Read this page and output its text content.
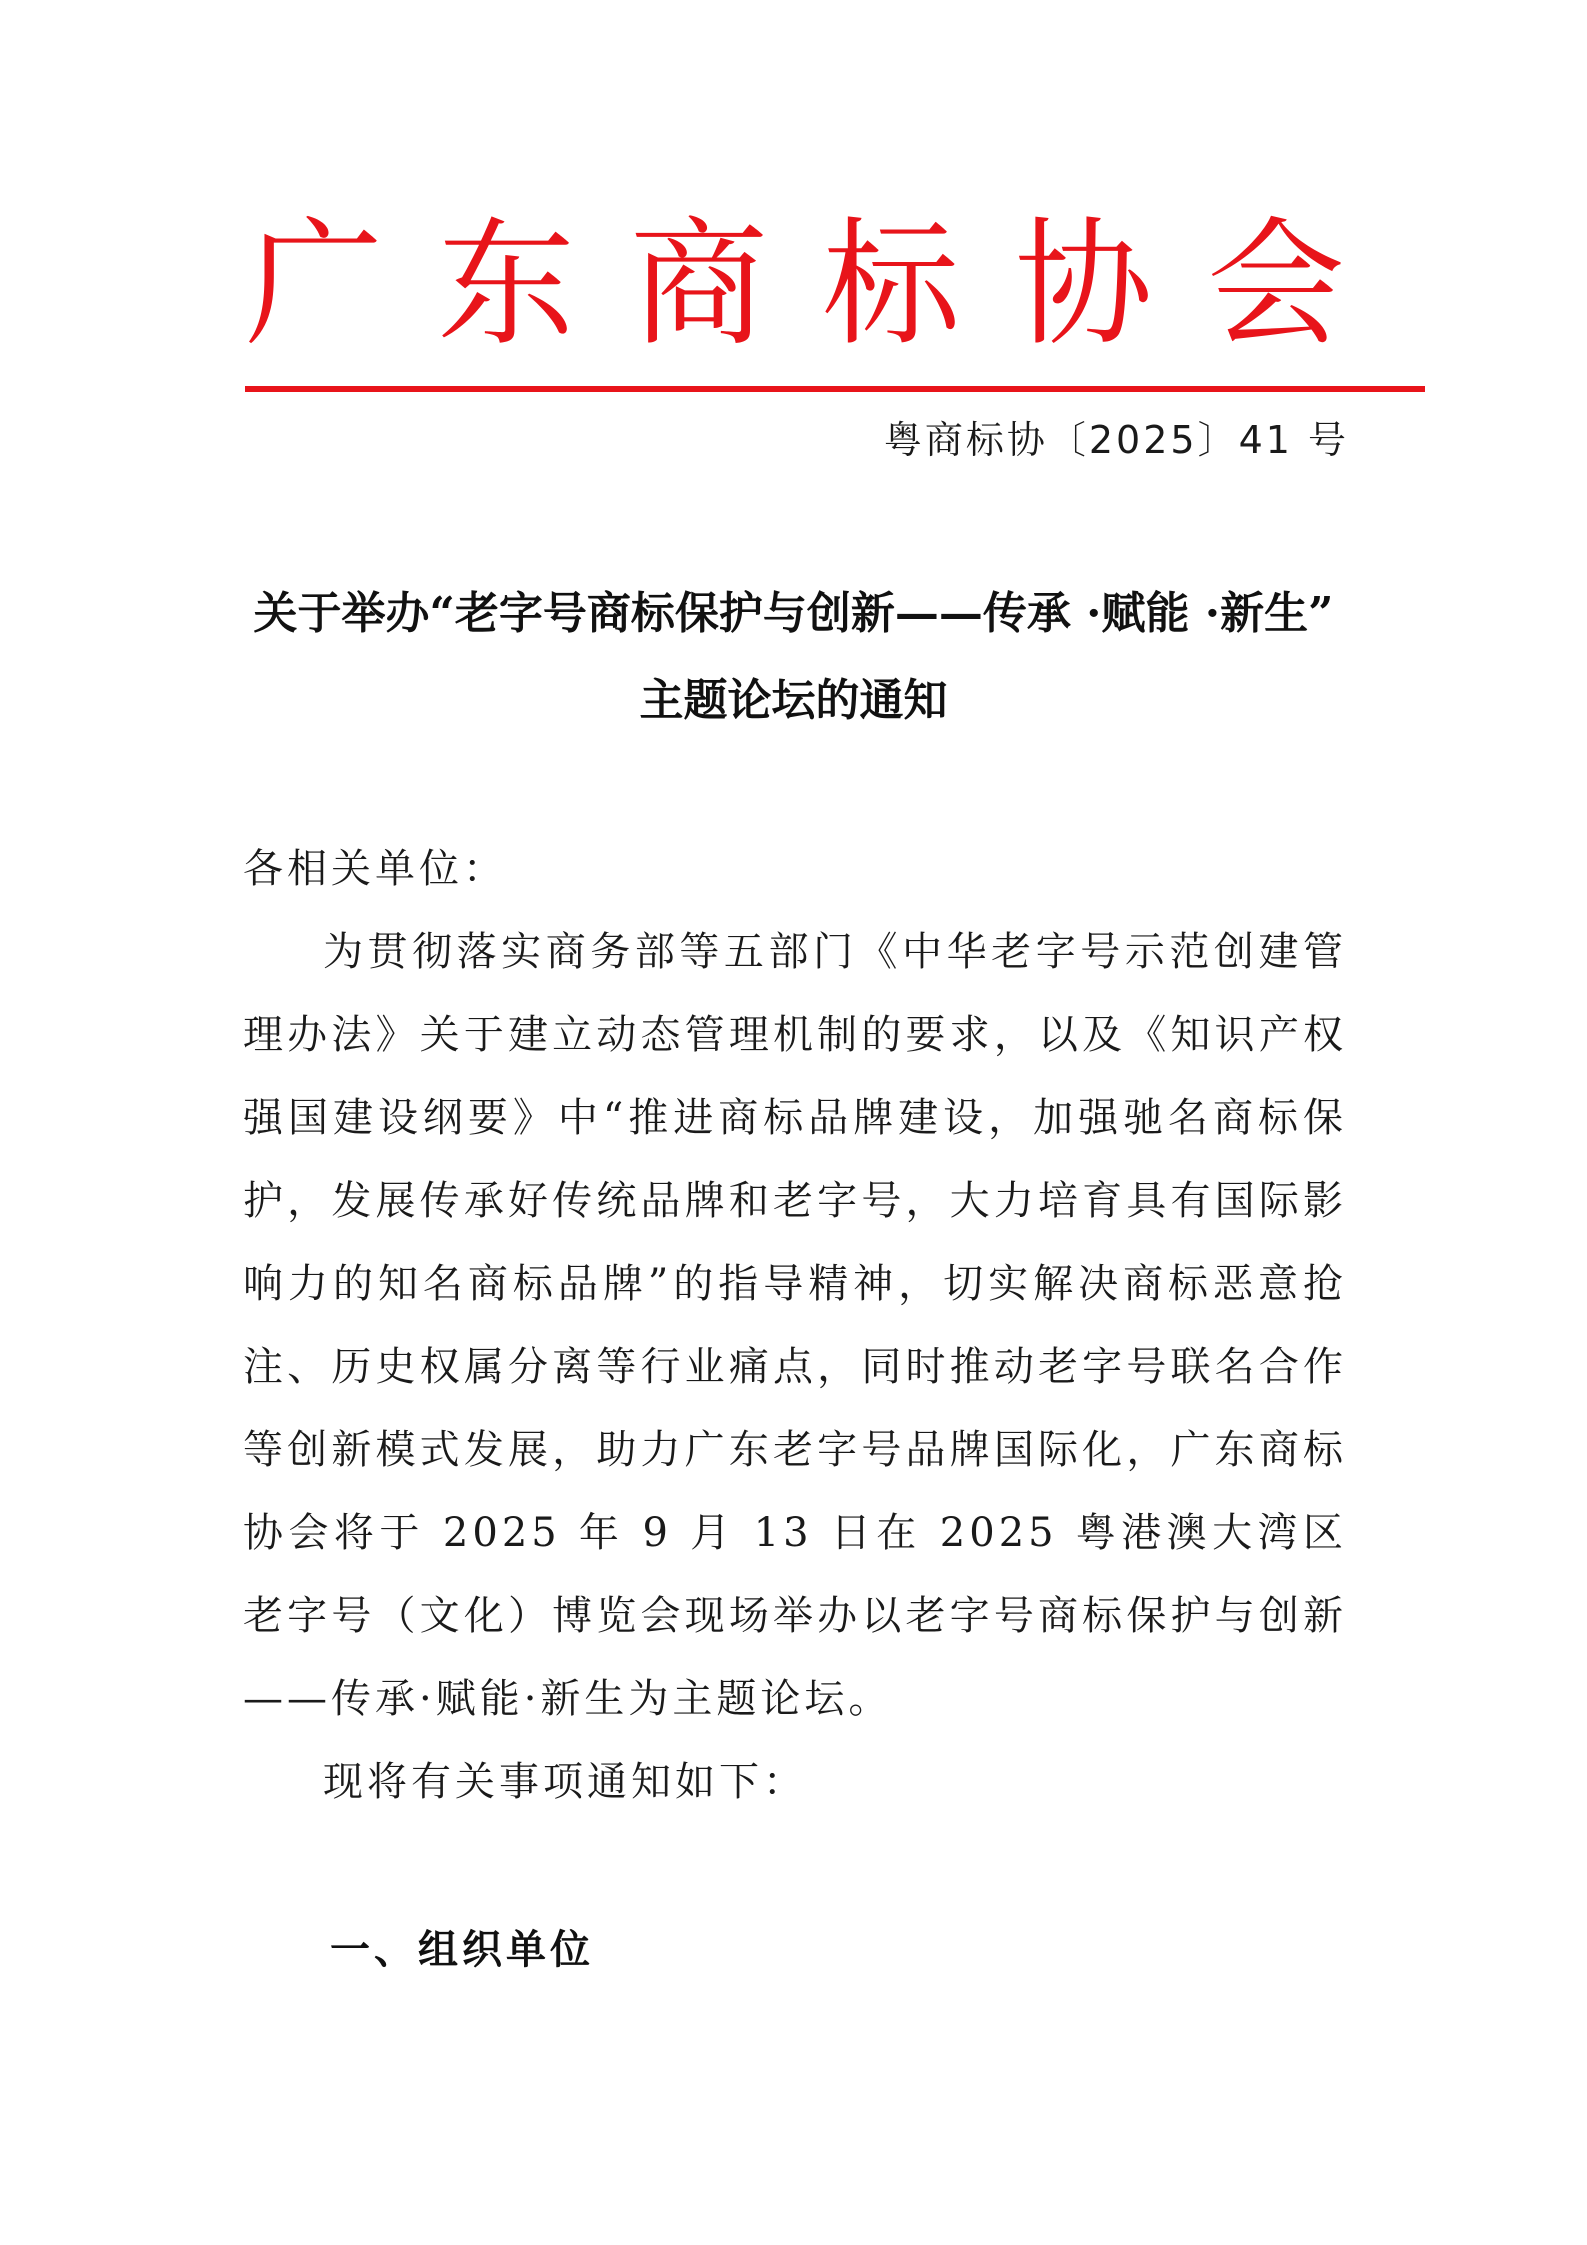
广 东 商 标 协 会
粤商标协〔2025〕41 号
关于举办“老字号商标保护与创新——传承 ·赋能 ·新生”
主题论坛的通知

各相关单位：

为贯彻落实商务部等五部门《中华老字号示范创建管理办法》关于建立动态管理机制的要求，以及《知识产权强国建设纲要》中“推进商标品牌建设，加强驰名商标保护，发展传承好传统品牌和老字号，大力培育具有国际影响力的知名商标品牌”的指导精神，切实解决商标恶意抢注、历史权属分离等行业痛点，同时推动老字号联名合作等创新模式发展，助力广东老字号品牌国际化，广东商标协会将于 2025 年 9 月 13 日在 2025 粤港澳大湾区老字号（文化）博览会现场举办以老字号商标保护与创新——传承·赋能·新生为主题论坛。

现将有关事项通知如下：

一、组织单位
